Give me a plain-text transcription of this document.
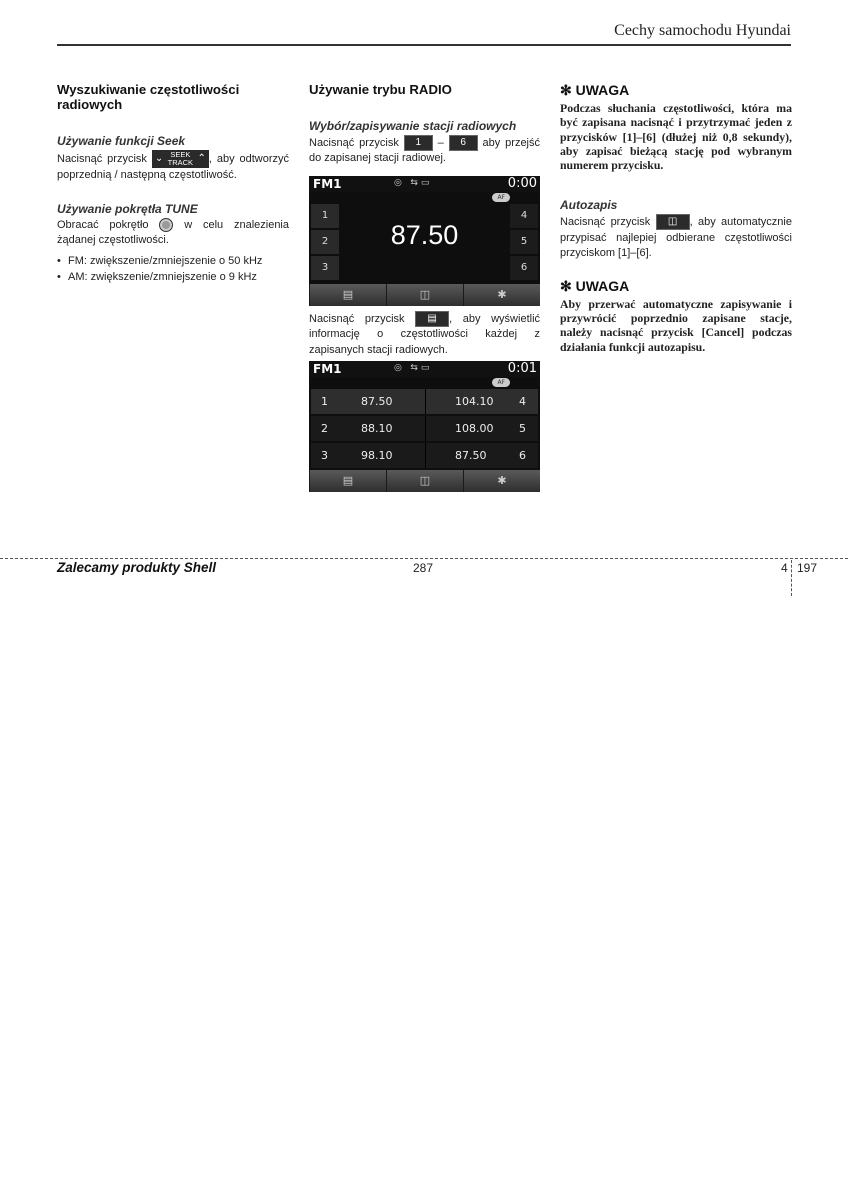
Cechy samochodu Hyundai
Wyszukiwanie częstotliwości radiowych
Używanie funkcji Seek

Nacisnąć przycisk ⌄ SEEK TRACK ⌃ , aby odtworzyć poprzednią / następną częstotliwość.

Używanie pokrętła TUNE

Obracać pokrętło	w celu znalezienia żądanej częstotliwości.

• FM: zwiększenie/zmniejszenie o 50 kHz
• AM: zwiększenie/zmniejszenie o 9 kHz
Używanie trybu RADIO
Wybór/zapisywanie stacji radiowych

Nacisnąć przycisk 1 – 6 aby przejść do zapisanej stacji radiowej.

FM1	◎   ⇆ ▭	0:00
AF
1
2
3
4
5
6
87.50
▤	◫	✱

Nacisnąć przycisk ▤ , aby wyświetlić informację o częstotliwości każdej z zapisanych stacji radiowych.

FM1	◎   ⇆ ▭	0:01
AF
1	87.50	104.10 4
2	88.10	108.00 5
3	98.10	87.50	6
▤	◫	✱
✻ UWAGA
Podczas słuchania częstotliwości, która ma być zapisana nacisnąć i przytrzymać jeden z przycisków [1]–[6] (dłużej niż 0,8 sekundy), aby zapisać bieżącą stację pod wybranym numerem przycisku.
Autozapis

Nacisnąć przycisk ◫ , aby automatycznie przypisać najlepiej odbierane częstotliwości przyciskom [1]–[6].

✻ UWAGA
Aby przerwać automatyczne zapisywanie i przywrócić poprzednio zapisane stacje, należy nacisnąć przycisk [Cancel] podczas działania funkcji autozapisu.
Zalecamy produkty Shell	287	4 197
